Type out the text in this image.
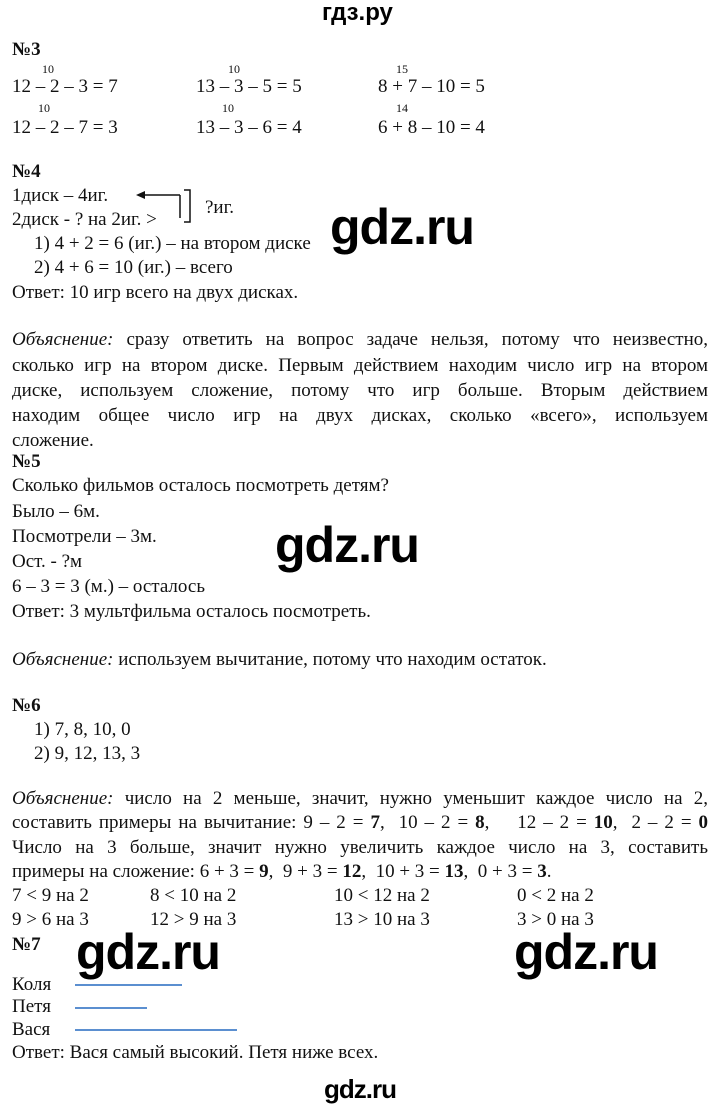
гдз.ру
№3
10	10	15
12 – 2 – 3 = 7	13 – 3 – 5 = 5	8 + 7 – 10 = 5
10	10	14
12 – 2 – 7 = 3	13 – 3 – 6 = 4	6 + 8 – 10 = 4
№4
1диск – 4иг.
2диск - ? на 2иг. >
?иг.
1) 4 + 2 = 6 (иг.) – на втором диске
2) 4 + 6 = 10 (иг.) – всего
Ответ: 10 игр всего на двух дисках.
Объяснение: сразу ответить на вопрос задаче нельзя, потому что неизвестно,
сколько игр на втором диске. Первым действием находим число игр на втором
диске, используем сложение, потому что игр больше. Вторым действием
находим общее число игр на двух дисках, сколько «всего», используем
сложение.
№5
Сколько фильмов осталось посмотреть детям?
Было – 6м.
Посмотрели – 3м.
Ост. - ?м
6 – 3 = 3 (м.) – осталось
Ответ: 3 мультфильма осталось посмотреть.
Объяснение: используем вычитание, потому что находим остаток.
№6
1) 7, 8, 10, 0
2) 9, 12, 13, 3
Объяснение: число на 2 меньше, значит, нужно уменьшит каждое число на 2,
составить примеры на вычитание: 9 – 2 = 7,  10 – 2 = 8,    12 – 2 = 10,  2 – 2 = 0
Число на 3 больше, значит нужно увеличить каждое число на 3, составить
примеры на сложение: 6 + 3 = 9,  9 + 3 = 12,  10 + 3 = 13,  0 + 3 = 3.
7 < 9 на 2	8 < 10 на 2	10 < 12 на 2	0 < 2 на 2
9 > 6 на 3	12 > 9 на 3	13 > 10 на 3	3 > 0 на 3
№7
Коля
Петя
Вася
Ответ: Вася самый высокий. Петя ниже всех.
gdz.ru
gdz.ru
gdz.ru	gdz.ru
gdz.ru
